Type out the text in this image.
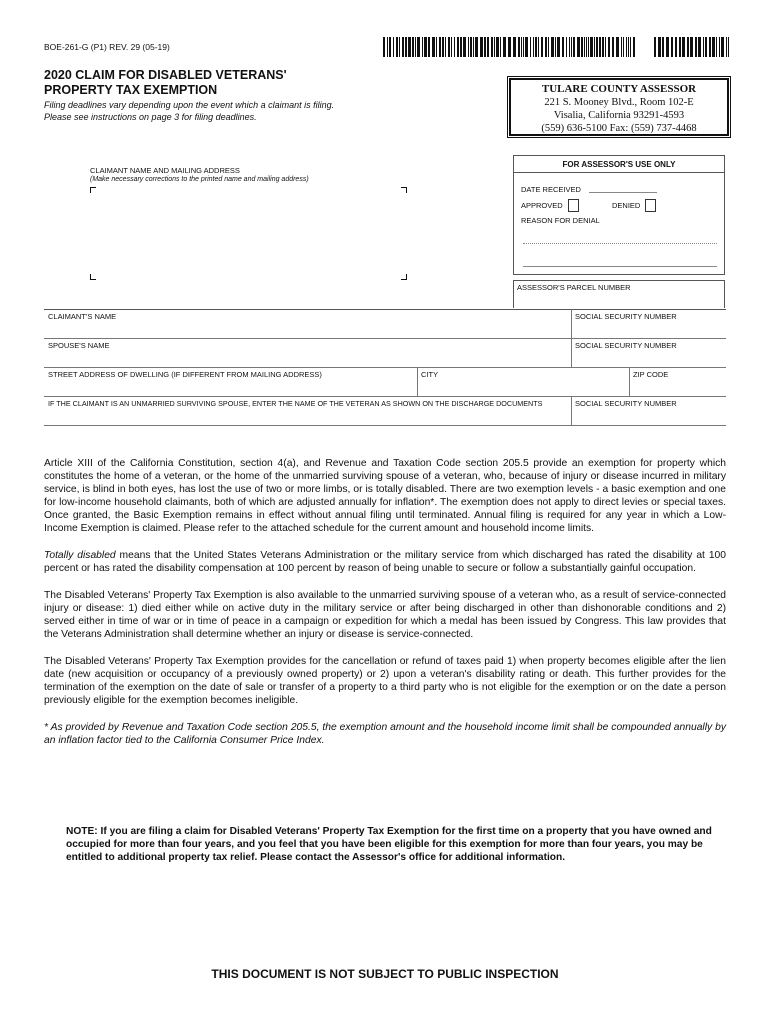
BOE-261-G (P1) REV. 29 (05-19)
2020 CLAIM FOR DISABLED VETERANS'
PROPERTY TAX EXEMPTION
Filing deadlines vary depending upon the event which a claimant is filing.
Please see instructions on page 3 for filing deadlines.
TULARE COUNTY ASSESSOR
221 S. Mooney Blvd., Room 102-E
Visalia, California 93291-4593
(559) 636-5100 Fax: (559) 737-4468
CLAIMANT NAME AND MAILING ADDRESS
(Make necessary corrections to the printed name and mailing address)
FOR ASSESSOR'S USE ONLY
DATE RECEIVED
APPROVED	DENIED
REASON FOR DENIAL
ASSESSOR'S PARCEL NUMBER
CLAIMANT'S NAME	SOCIAL SECURITY NUMBER
SPOUSE'S NAME	SOCIAL SECURITY NUMBER
STREET ADDRESS OF DWELLING (IF DIFFERENT FROM MAILING ADDRESS)	CITY	ZIP CODE
IF THE CLAIMANT IS AN UNMARRIED SURVIVING SPOUSE, ENTER THE NAME OF THE VETERAN AS SHOWN ON THE DISCHARGE DOCUMENTS	SOCIAL SECURITY NUMBER
Article XIII of the California Constitution, section 4(a), and Revenue and Taxation Code section 205.5 provide an exemption for property which constitutes the home of a veteran, or the home of the unmarried surviving spouse of a veteran, who, because of injury or disease incurred in military service, is blind in both eyes, has lost the use of two or more limbs, or is totally disabled. There are two exemption levels - a basic exemption and one for low-income household claimants, both of which are adjusted annually for inflation*. The exemption does not apply to direct levies or special taxes. Once granted, the Basic Exemption remains in effect without annual filing until terminated. Annual filing is required for any year in which a Low-Income Exemption is claimed. Please refer to the attached schedule for the current amount and household income limits.
Totally disabled means that the United States Veterans Administration or the military service from which discharged has rated the disability at 100 percent or has rated the disability compensation at 100 percent by reason of being unable to secure or follow a substantially gainful occupation.
The Disabled Veterans' Property Tax Exemption is also available to the unmarried surviving spouse of a veteran who, as a result of service-connected injury or disease: 1) died either while on active duty in the military service or after being discharged in other than dishonorable conditions and 2) served either in time of war or in time of peace in a campaign or expedition for which a medal has been issued by Congress. This law provides that the Veterans Administration shall determine whether an injury or disease is service-connected.
The Disabled Veterans' Property Tax Exemption provides for the cancellation or refund of taxes paid 1) when property becomes eligible after the lien date (new acquisition or occupancy of a previously owned property) or 2) upon a veteran's disability rating or death. This further provides for the termination of the exemption on the date of sale or transfer of a property to a third party who is not eligible for the exemption or on the date a person previously eligible for the exemption becomes ineligible.
* As provided by Revenue and Taxation Code section 205.5, the exemption amount and the household income limit shall be compounded annually by an inflation factor tied to the California Consumer Price Index.
NOTE: If you are filing a claim for Disabled Veterans' Property Tax Exemption for the first time on a property that you have owned and occupied for more than four years, and you feel that you have been eligible for this exemption for more than four years, you may be entitled to additional property tax relief. Please contact the Assessor's office for additional information.
THIS DOCUMENT IS NOT SUBJECT TO PUBLIC INSPECTION
